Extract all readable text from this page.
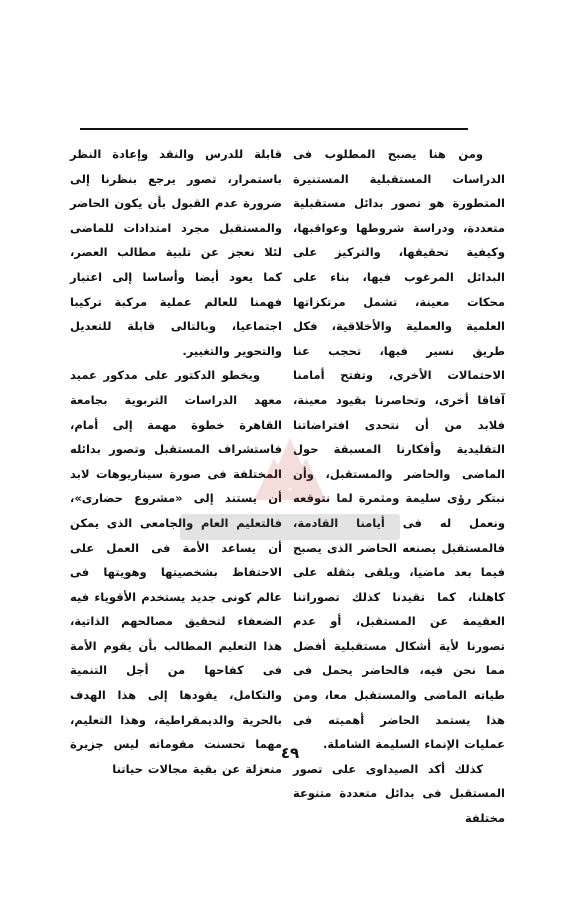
ومن هنا يصبح المطلوب فى الدراسات المستقبلية المستنيرة المتطورة هو تصور بدائل مستقبلية متعددة، ودراسة شروطها وعواقبها، وكيفية تحقيقها، والتركيز على البدائل المرغوب فيها، بناء على محكات معينة، تشمل مرتكزاتها العلمية والعملية والأخلاقية، فكل طريق نسير فيها، تحجب عنا الاحتمالات الأخرى، وتفتح أمامنا آفاقا أخرى، وتحاصرنا بقيود معينة، فلابد من أن نتحدى افتراضاتنا التقليدية وأفكارنا المسبقة حول الماضى والحاضر والمستقبل، وأن نبتكر رؤى سليمة ومثمرة لما نتوقعه ونعمل له فى أيامنا القادمة، فالمستقبل يصنعه الحاضر الذى يصبح فيما بعد ماضيا، ويلقى بثقله على كاهلنا، كما تقيدنا كذلك تصوراتنا العقيمة عن المستقبل، أو عدم تصورنا لأية أشكال مستقبلية أفضل مما نحن فيه، فالحاضر يحمل فى طياته الماضى والمستقبل معا، ومن هذا يستمد الحاضر أهميته فى عمليات الإنماء السليمة الشاملة.

كذلك أكد الصيداوى على تصور المستقبل فى بدائل متعددة متنوعة مختلفة

قابلة للدرس والنقد وإعادة النظر باستمرار، تصور يرجع بنظرنا إلى ضرورة عدم القبول بأن يكون الحاضر والمستقبل مجرد امتدادات للماضى لئلا نعجز عن تلبية مطالب العصر، كما يعود أيضا وأساسا إلى اعتبار فهمنا للعالم عملية مركبة تركيبا اجتماعيا، وبالتالى قابلة للتعديل والتحوير والتغيير.

ويخطو الدكتور على مدكور عميد معهد الدراسات التربوية بجامعة القاهرة خطوة مهمة إلى أمام، فاستشراف المستقبل وتصور بدائله المختلفة فى صورة سيناريوهات لابد أن يستند إلى «مشروع حضارى»، فالتعليم العام والجامعى الذى يمكن أن يساعد الأمة فى العمل على الاحتفاظ بشخصيتها وهويتها فى عالم كونى جديد يستخدم الأقوياء فيه الضعفاء لتحقيق مصالحهم الذاتية، هذا التعليم المطالب بأن يقوم الأمة فى كفاحها من أجل التنمية والتكامل، يقودها إلى هذا الهدف بالحرية والديمقراطية، وهذا التعليم، مهما تحسنت مقوماته ليس جزيرة منعزلة عن بقية مجالات حياتنا

٤٩
